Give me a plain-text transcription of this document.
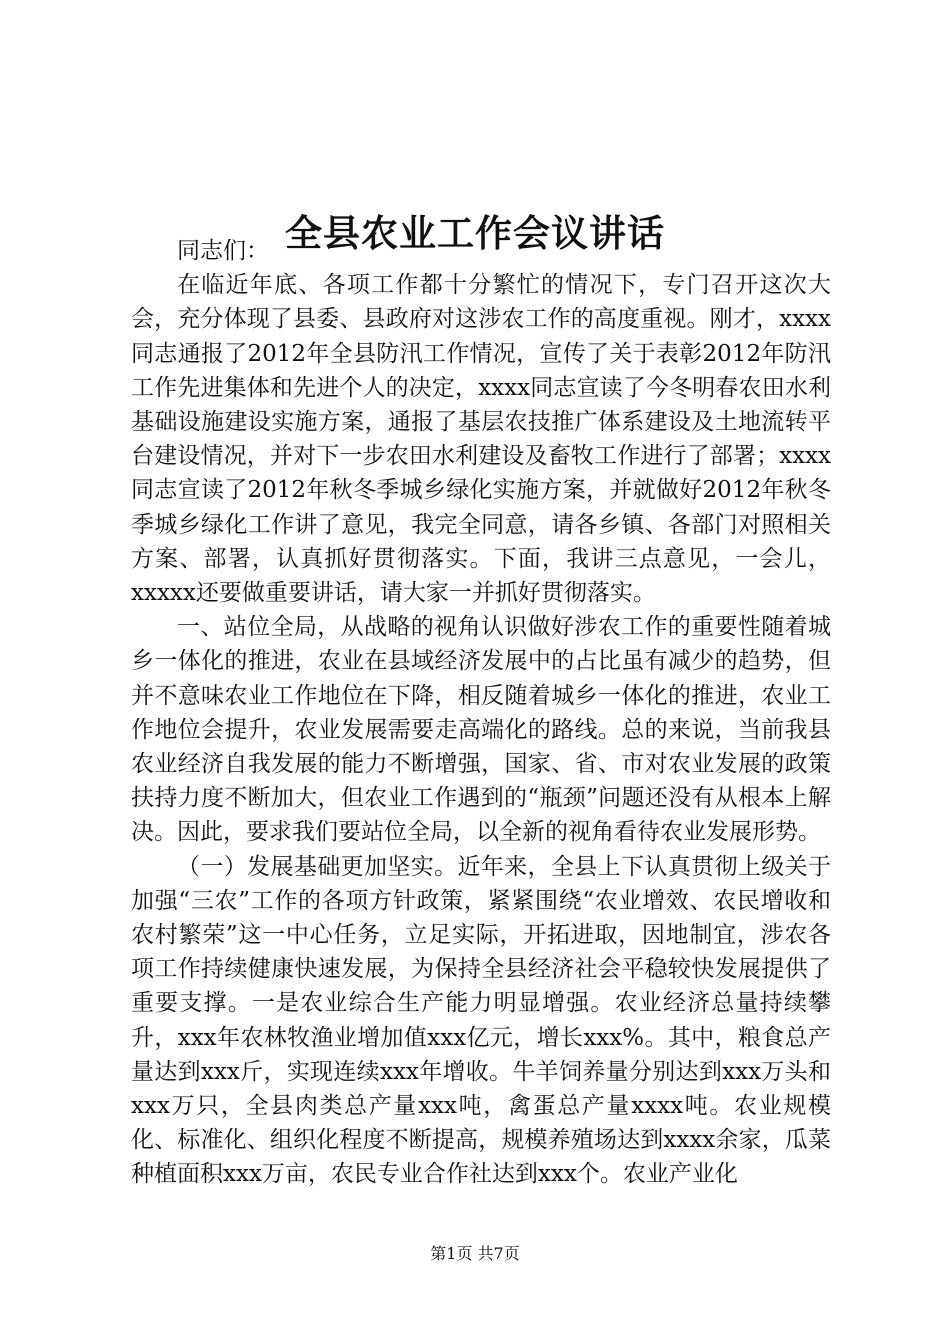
全县农业工作会议讲话

同志们：

在临近年底、各项工作都十分繁忙的情况下，专门召开这次大会，充分体现了县委、县政府对这涉农工作的高度重视。刚才，xxxx同志通报了2012年全县防汛工作情况，宣传了关于表彰2012年防汛工作先进集体和先进个人的决定，xxxx同志宣读了今冬明春农田水利基础设施建设实施方案，通报了基层农技推广体系建设及土地流转平台建设情况，并对下一步农田水利建设及畜牧工作进行了部署；xxxx同志宣读了2012年秋冬季城乡绿化实施方案，并就做好2012年秋冬季城乡绿化工作讲了意见，我完全同意，请各乡镇、各部门对照相关方案、部署，认真抓好贯彻落实。下面，我讲三点意见，一会儿，xxxxx还要做重要讲话，请大家一并抓好贯彻落实。

一、站位全局，从战略的视角认识做好涉农工作的重要性随着城乡一体化的推进，农业在县域经济发展中的占比虽有减少的趋势，但并不意味农业工作地位在下降，相反随着城乡一体化的推进，农业工作地位会提升，农业发展需要走高端化的路线。总的来说，当前我县农业经济自我发展的能力不断增强，国家、省、市对农业发展的政策扶持力度不断加大，但农业工作遇到的“瓶颈”问题还没有从根本上解决。因此，要求我们要站位全局，以全新的视角看待农业发展形势。

（一）发展基础更加坚实。近年来，全县上下认真贯彻上级关于加强“三农”工作的各项方针政策，紧紧围绕“农业增效、农民增收和农村繁荣”这一中心任务，立足实际，开拓进取，因地制宜，涉农各项工作持续健康快速发展，为保持全县经济社会平稳较快发展提供了重要支撑。一是农业综合生产能力明显增强。农业经济总量持续攀升，xxx年农林牧渔业增加值xxx亿元，增长xxx%。其中，粮食总产量达到xxx斤，实现连续xxx年增收。牛羊饲养量分别达到xxx万头和xxx万只，全县肉类总产量xxx吨，禽蛋总产量xxxx吨。农业规模化、标准化、组织化程度不断提高，规模养殖场达到xxxx余家，瓜菜种植面积xxx万亩，农民专业合作社达到xxx个。农业产业化

第1页 共7页
